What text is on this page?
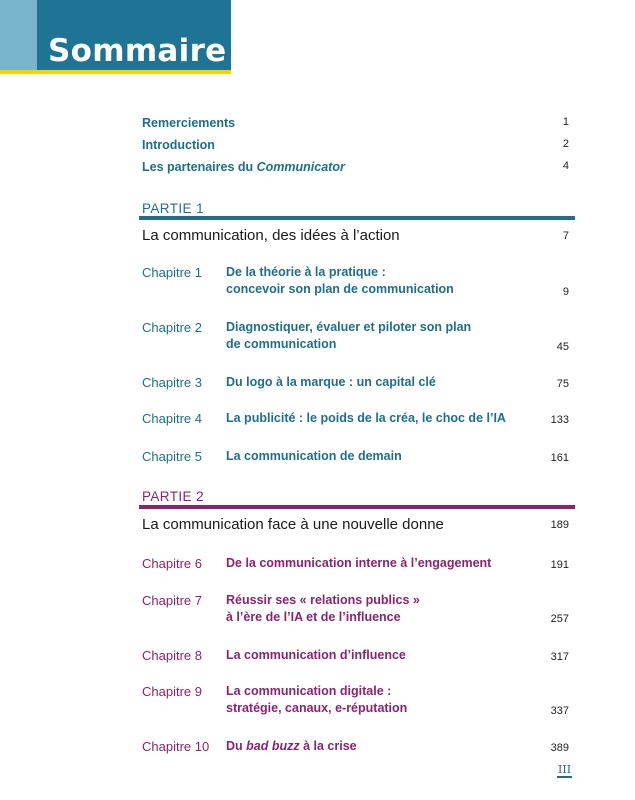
Sommaire
Remerciements	1
Introduction	2
Les partenaires du Communicator	4
PARTIE 1
La communication, des idées à l’action	7
Chapitre 1 De la théorie à la pratique :
concevoir son plan de communication	9
Chapitre 2 Diagnostiquer, évaluer et piloter son plan
de communication	45
Chapitre 3 Du logo à la marque : un capital clé	75
Chapitre 4 La publicité : le poids de la créa, le choc de l’IA	133
Chapitre 5 La communication de demain	161
PARTIE 2
La communication face à une nouvelle donne	189
Chapitre 6 De la communication interne à l’engagement	191
Chapitre 7 Réussir ses « relations publics »
à l’ère de l’IA et de l’influence	257
Chapitre 8 La communication d’influence	317
Chapitre 9 La communication digitale :
stratégie, canaux, e-réputation	337
Chapitre 10 Du bad buzz à la crise	389
III
